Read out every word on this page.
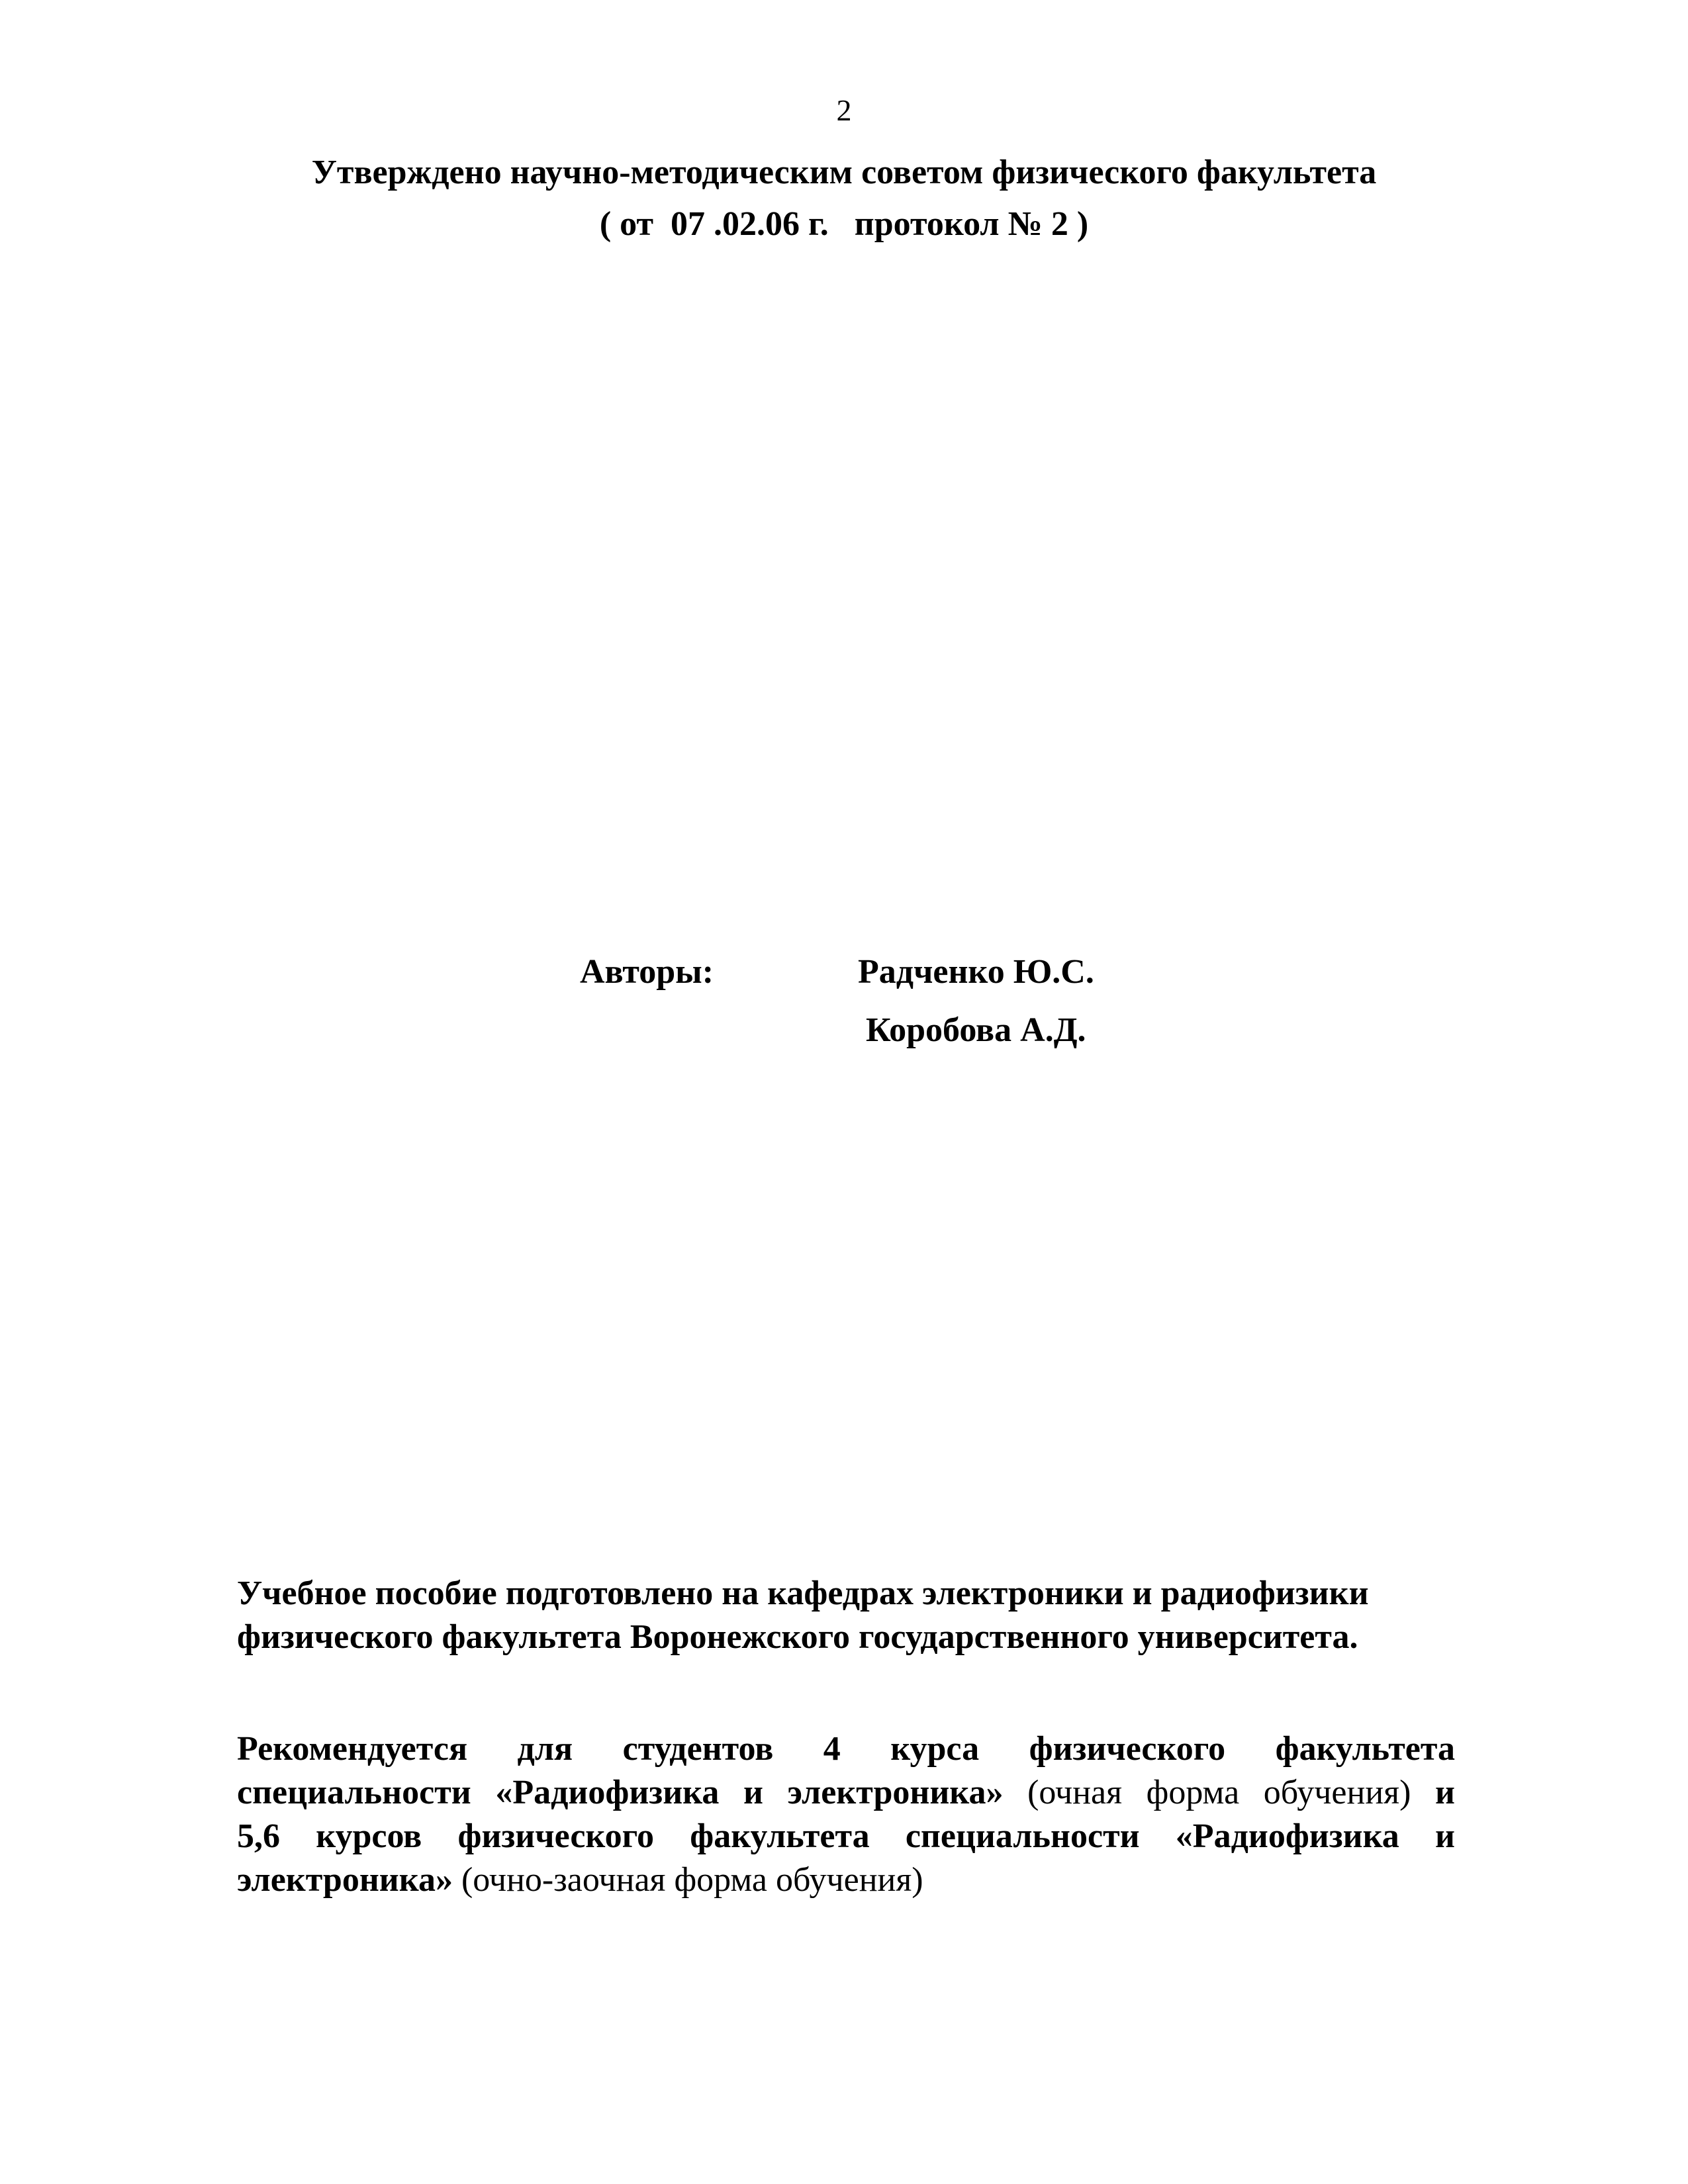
2
Утверждено научно-методическим советом физического факультета
( от  07 .02.06 г.   протокол № 2 )
Авторы:	Радченко Ю.С.
Коробова А.Д.
Учебное пособие подготовлено на кафедрах электроники и радиофизики
физического факультета Воронежского государственного университета.
Рекомендуется для студентов 4 курса физического факультета
специальности «Радиофизика и электроника» (очная форма обучения) и
5,6 курсов физического факультета специальности «Радиофизика и
электроника» (очно-заочная форма обучения)
